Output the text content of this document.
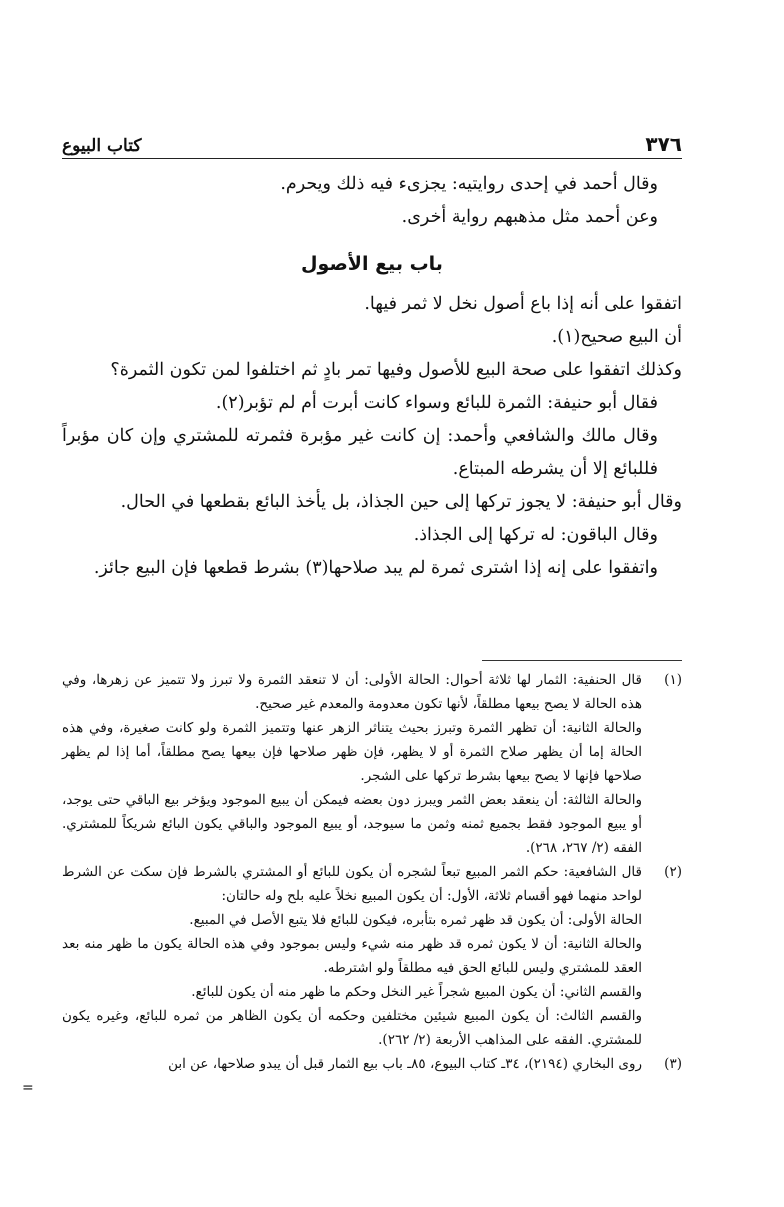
٣٧٦
كتاب البيوع

وقال أحمد في إحدى روايتيه: يجزىء فيه ذلك ويحرم.

وعن أحمد مثل مذهبهم رواية أخرى.

باب بيع الأصول

اتفقوا على أنه إذا باع أصول نخل لا ثمر فيها.

أن البيع صحيح(١).

وكذلك اتفقوا على صحة البيع للأصول وفيها تمر بادٍ ثم اختلفوا لمن تكون الثمرة؟

فقال أبو حنيفة: الثمرة للبائع وسواء كانت أبرت أم لم تؤبر(٢).

وقال مالك والشافعي وأحمد: إن كانت غير مؤبرة فثمرته للمشتري وإن كان مؤبراً فللبائع إلا أن يشرطه المبتاع.

وقال أبو حنيفة: لا يجوز تركها إلى حين الجذاذ، بل يأخذ البائع بقطعها في الحال.

وقال الباقون: له تركها إلى الجذاذ.

واتفقوا على إنه إذا اشترى ثمرة لم يبد صلاحها(٣) بشرط قطعها فإن البيع جائز.

(١)
قال الحنفية: الثمار لها ثلاثة أحوال: الحالة الأولى: أن لا تنعقد الثمرة ولا تبرز ولا تتميز عن زهرها، وفي هذه الحالة لا يصح بيعها مطلقاً، لأنها تكون معدومة والمعدم غير صحيح.
والحالة الثانية: أن تظهر الثمرة وتبرز بحيث يتناثر الزهر عنها وتتميز الثمرة ولو كانت صغيرة، وفي هذه الحالة إما أن يظهر صلاح الثمرة أو لا يظهر، فإن ظهر صلاحها فإن بيعها يصح مطلقاً، أما إذا لم يظهر صلاحها فإنها لا يصح بيعها بشرط تركها على الشجر.
والحالة الثالثة: أن ينعقد بعض الثمر ويبرز دون بعضه فيمكن أن يبيع الموجود ويؤخر بيع الباقي حتى يوجد، أو يبيع الموجود فقط بجميع ثمنه وثمن ما سيوجد، أو يبيع الموجود والباقي يكون البائع شريكاً للمشتري. الفقه (٢/ ٢٦٧، ٢٦٨).
(٢)
قال الشافعية: حكم الثمر المبيع تبعاً لشجره أن يكون للبائع أو المشتري بالشرط فإن سكت عن الشرط لواحد منهما فهو أقسام ثلاثة، الأول: أن يكون المبيع نخلاً عليه بلح وله حالتان:
الحالة الأولى: أن يكون قد ظهر ثمره بتأبره، فيكون للبائع فلا يتبع الأصل في المبيع.
والحالة الثانية: أن لا يكون ثمره قد ظهر منه شيء وليس بموجود وفي هذه الحالة يكون ما ظهر منه بعد العقد للمشتري وليس للبائع الحق فيه مطلقاً ولو اشترطه.
والقسم الثاني: أن يكون المبيع شجراً غير النخل وحكم ما ظهر منه أن يكون للبائع.
والقسم الثالث: أن يكون المبيع شيئين مختلفين وحكمه أن يكون الظاهر من ثمره للبائع، وغيره يكون للمشتري. الفقه على المذاهب الأربعة (٢/ ٢٦٢).
(٣)
روى البخاري (٢١٩٤)، ٣٤ـ كتاب البيوع، ٨٥ـ باب بيع الثمار قبل أن يبدو صلاحها، عن ابن
=
